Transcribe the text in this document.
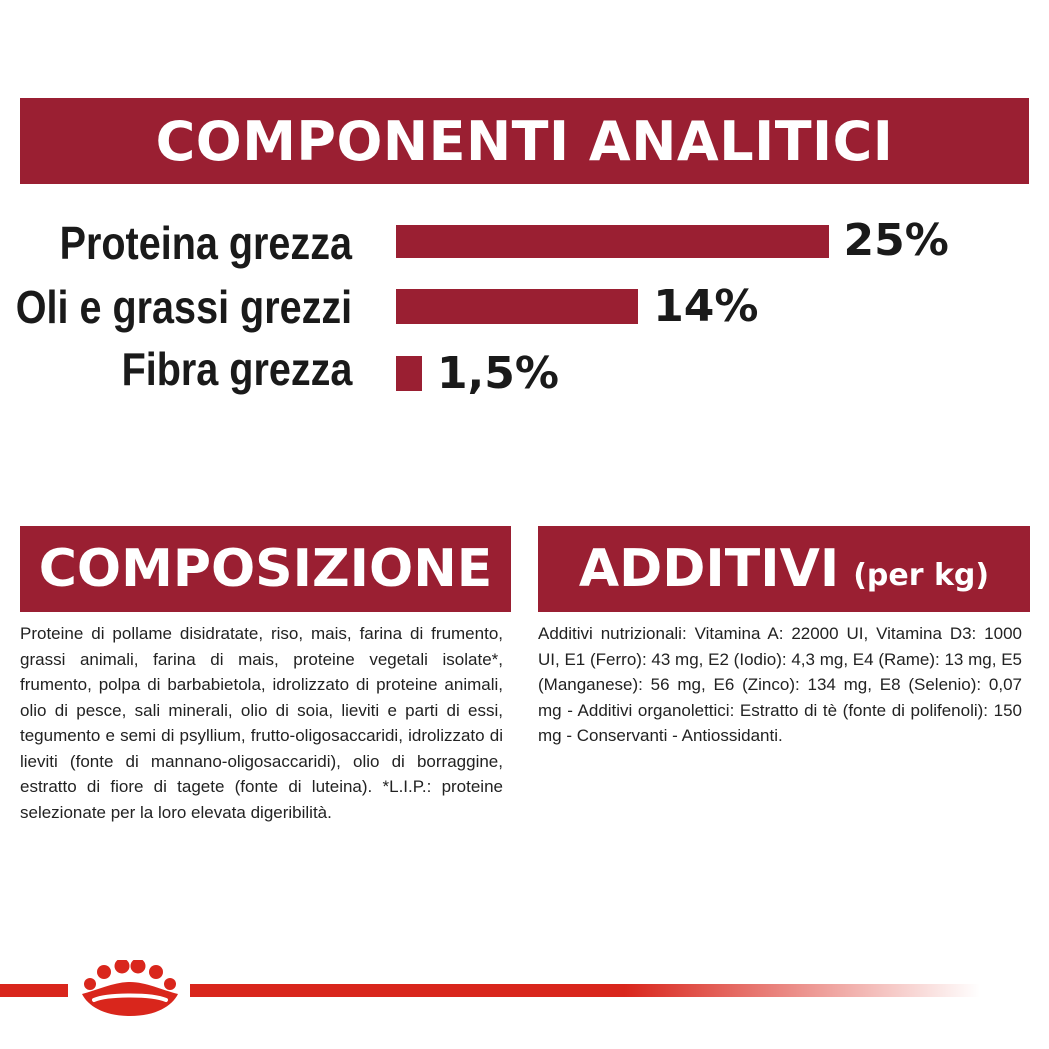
COMPONENTI ANALITICI
Proteina grezza	25%
Oli e grassi grezzi	14%
Fibra grezza 1,5%
COMPOSIZIONE

Proteine di pollame disidratate, riso, mais, farina di frumento, grassi animali, farina di mais, proteine vegetali isolate*, frumento, polpa di barbabietola, idrolizzato di proteine animali, olio di pesce, sali minerali, olio di soia, lieviti e parti di essi, tegumento e semi di psyllium, frutto-oligosaccaridi, idrolizzato di lieviti (fonte di mannano-oligosaccaridi), olio di borraggine, estratto di fiore di tagete (fonte di luteina). *L.I.P.: proteine selezionate per la loro elevata digeribilità.

ADDITIVI (per kg)

Additivi nutrizionali: Vitamina A: 22000 UI, Vitamina D3: 1000 UI, E1 (Ferro): 43 mg, E2 (Iodio): 4,3 mg, E4 (Rame): 13 mg, E5 (Manganese): 56 mg, E6 (Zinco): 134 mg, E8 (Selenio): 0,07 mg - Additivi organolettici: Estratto di tè (fonte di polifenoli): 150 mg - Conservanti - Antiossidanti.
